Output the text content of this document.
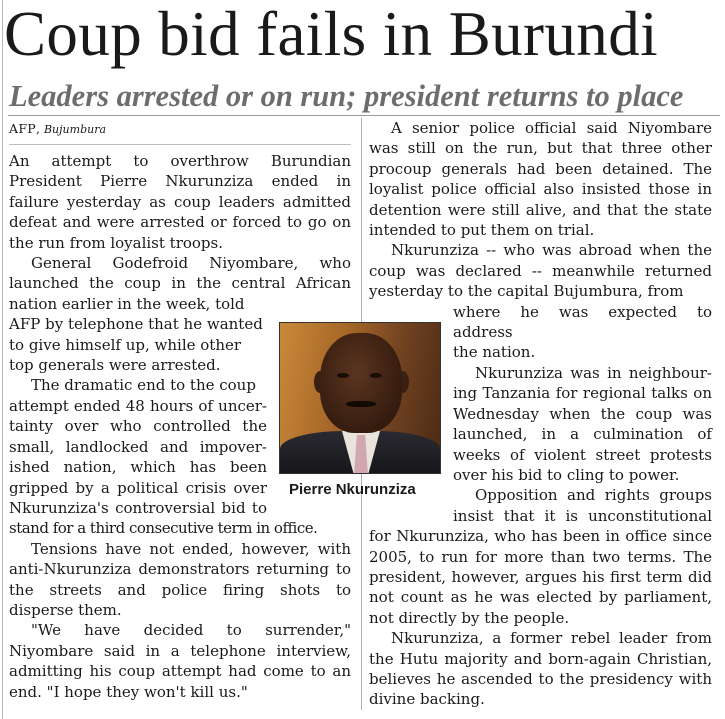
Coup bid fails in Burundi
Leaders arrested or on run; president returns to place
AFP, Bujumbura

An attempt to overthrow Burundian President Pierre Nkurunziza ended in failure yesterday as coup leaders admitted defeat and were arrested or forced to go on the run from loyalist troops.

General Godefroid Niyombare, who launched the coup in the central African nation earlier in the week, told

AFP by telephone that he wanted

to give himself up, while other

top generals were arrested.

The dramatic end to the coup

attempt ended 48 hours of uncer-

tainty over who controlled the

small, landlocked and impover-

ished nation, which has been

gripped by a political crisis over

Nkurunziza's controversial bid to

stand for a third consecutive term in office.

Tensions have not ended, however, with anti-Nkurunziza demonstrators returning to the streets and police firing shots to disperse them.

"We have decided to surrender," Niyombare said in a telephone interview, admitting his coup attempt had come to an end. "I hope they won't kill us."

A senior police official said Niyombare was still on the run, but that three other procoup generals had been detained. The loyalist police official also insisted those in detention were still alive, and that the state intended to put them on trial.

Nkurunziza -- who was abroad when the coup was declared -- meanwhile returned yesterday to the capital Bujumbura, from

where he was expected to address

the nation.

Nkurunziza was in neighbour-

ing Tanzania for regional talks on

Wednesday when the coup was

launched, in a culmination of

weeks of violent street protests

over his bid to cling to power.

Opposition and rights groups

insist that it is unconstitutional

for Nkurunziza, who has been in office since 2005, to run for more than two terms. The president, however, argues his first term did not count as he was elected by parliament, not directly by the people.

Nkurunziza, a former rebel leader from the Hutu majority and born-again Christian, believes he ascended to the presidency with divine backing.

Pierre Nkurunziza
